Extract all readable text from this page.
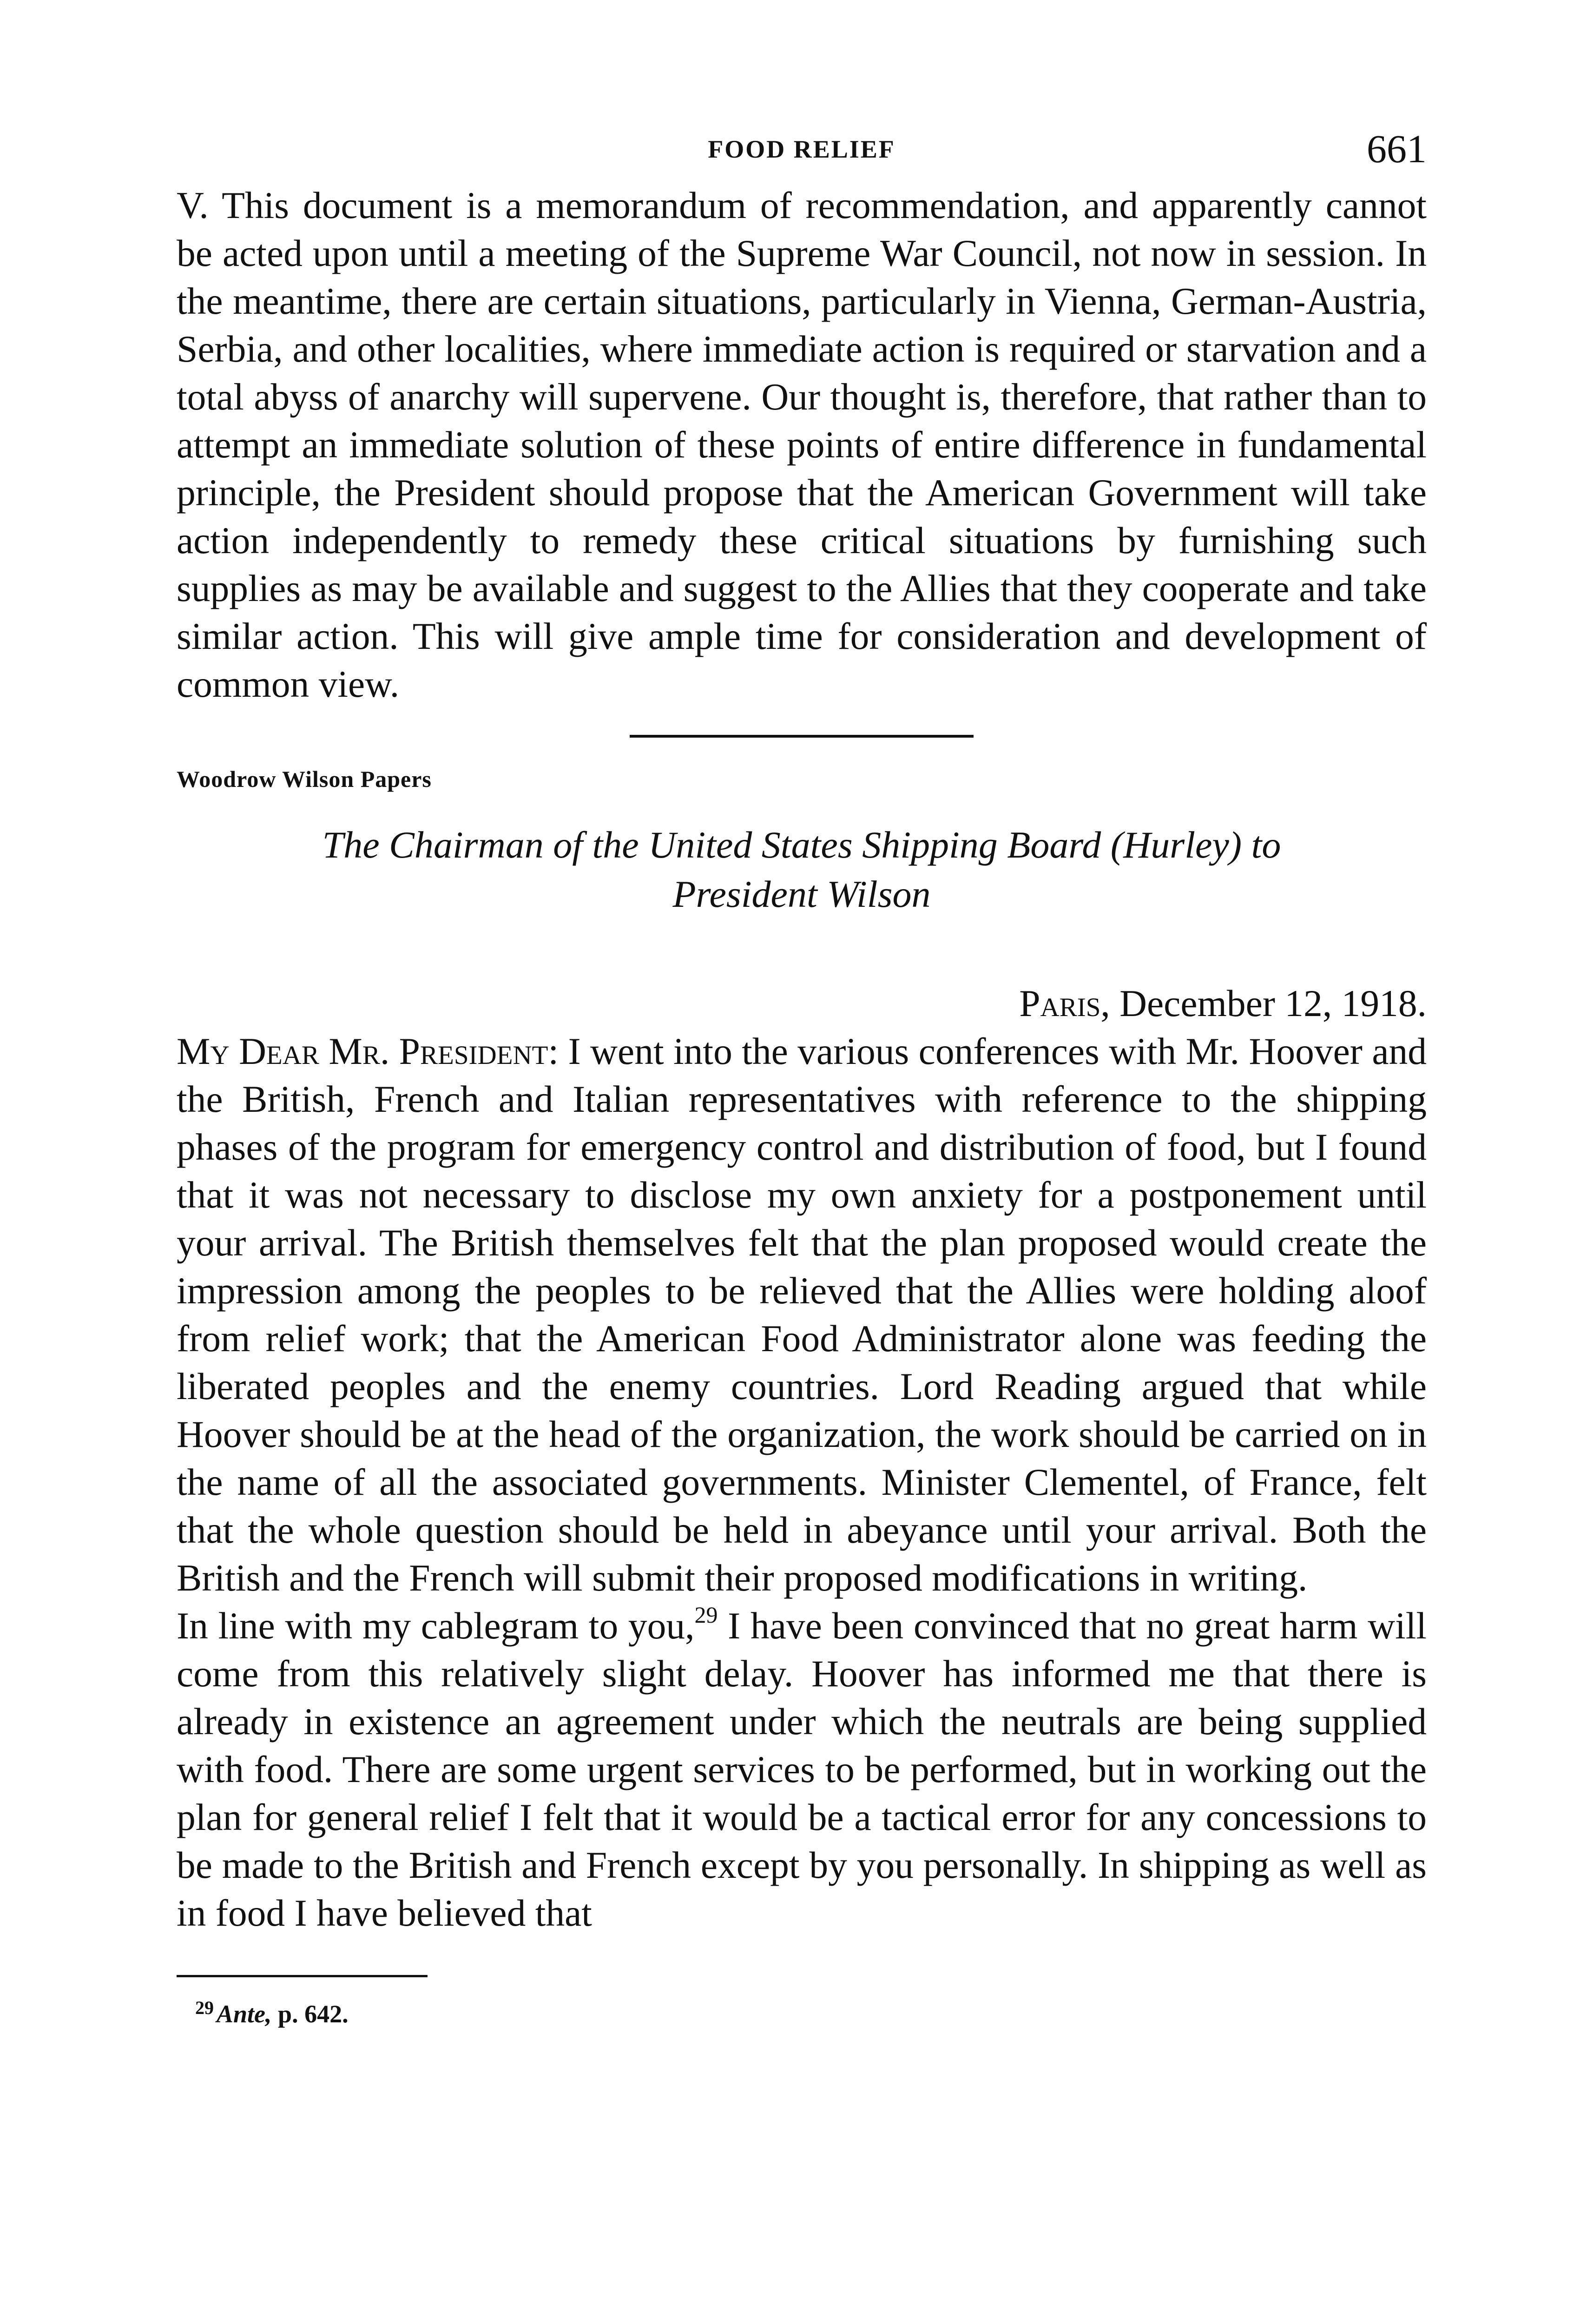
FOOD RELIEF	661

V. This document is a memorandum of recommendation, and apparently cannot be acted upon until a meeting of the Supreme War Council, not now in session. In the meantime, there are certain situations, particularly in Vienna, German-Austria, Serbia, and other localities, where immediate action is required or starvation and a total abyss of anarchy will supervene. Our thought is, therefore, that rather than to attempt an immediate solution of these points of entire difference in fundamental principle, the President should propose that the American Government will take action independently to remedy these critical situations by furnishing such supplies as may be available and suggest to the Allies that they cooperate and take similar action. This will give ample time for consideration and development of common view.

Woodrow Wilson Papers
The Chairman of the United States Shipping Board (Hurley) to
President Wilson

Paris, December 12, 1918.

My Dear Mr. President: I went into the various conferences with Mr. Hoover and the British, French and Italian representatives with reference to the shipping phases of the program for emergency control and distribution of food, but I found that it was not necessary to disclose my own anxiety for a postponement until your arrival. The British themselves felt that the plan proposed would create the impression among the peoples to be relieved that the Allies were holding aloof from relief work; that the American Food Administrator alone was feeding the liberated peoples and the enemy countries. Lord Reading argued that while Hoover should be at the head of the organization, the work should be carried on in the name of all the associated governments. Minister Clementel, of France, felt that the whole question should be held in abeyance until your arrival. Both the British and the French will submit their proposed modifications in writing.

In line with my cablegram to you,$^{29}$ I have been convinced that no great harm will come from this relatively slight delay. Hoover has informed me that there is already in existence an agreement under which the neutrals are being supplied with food. There are some urgent services to be performed, but in working out the plan for general relief I felt that it would be a tactical error for any concessions to be made to the British and French except by you personally. In shipping as well as in food I have believed that

$^{29}$ Ante, p. 642.
